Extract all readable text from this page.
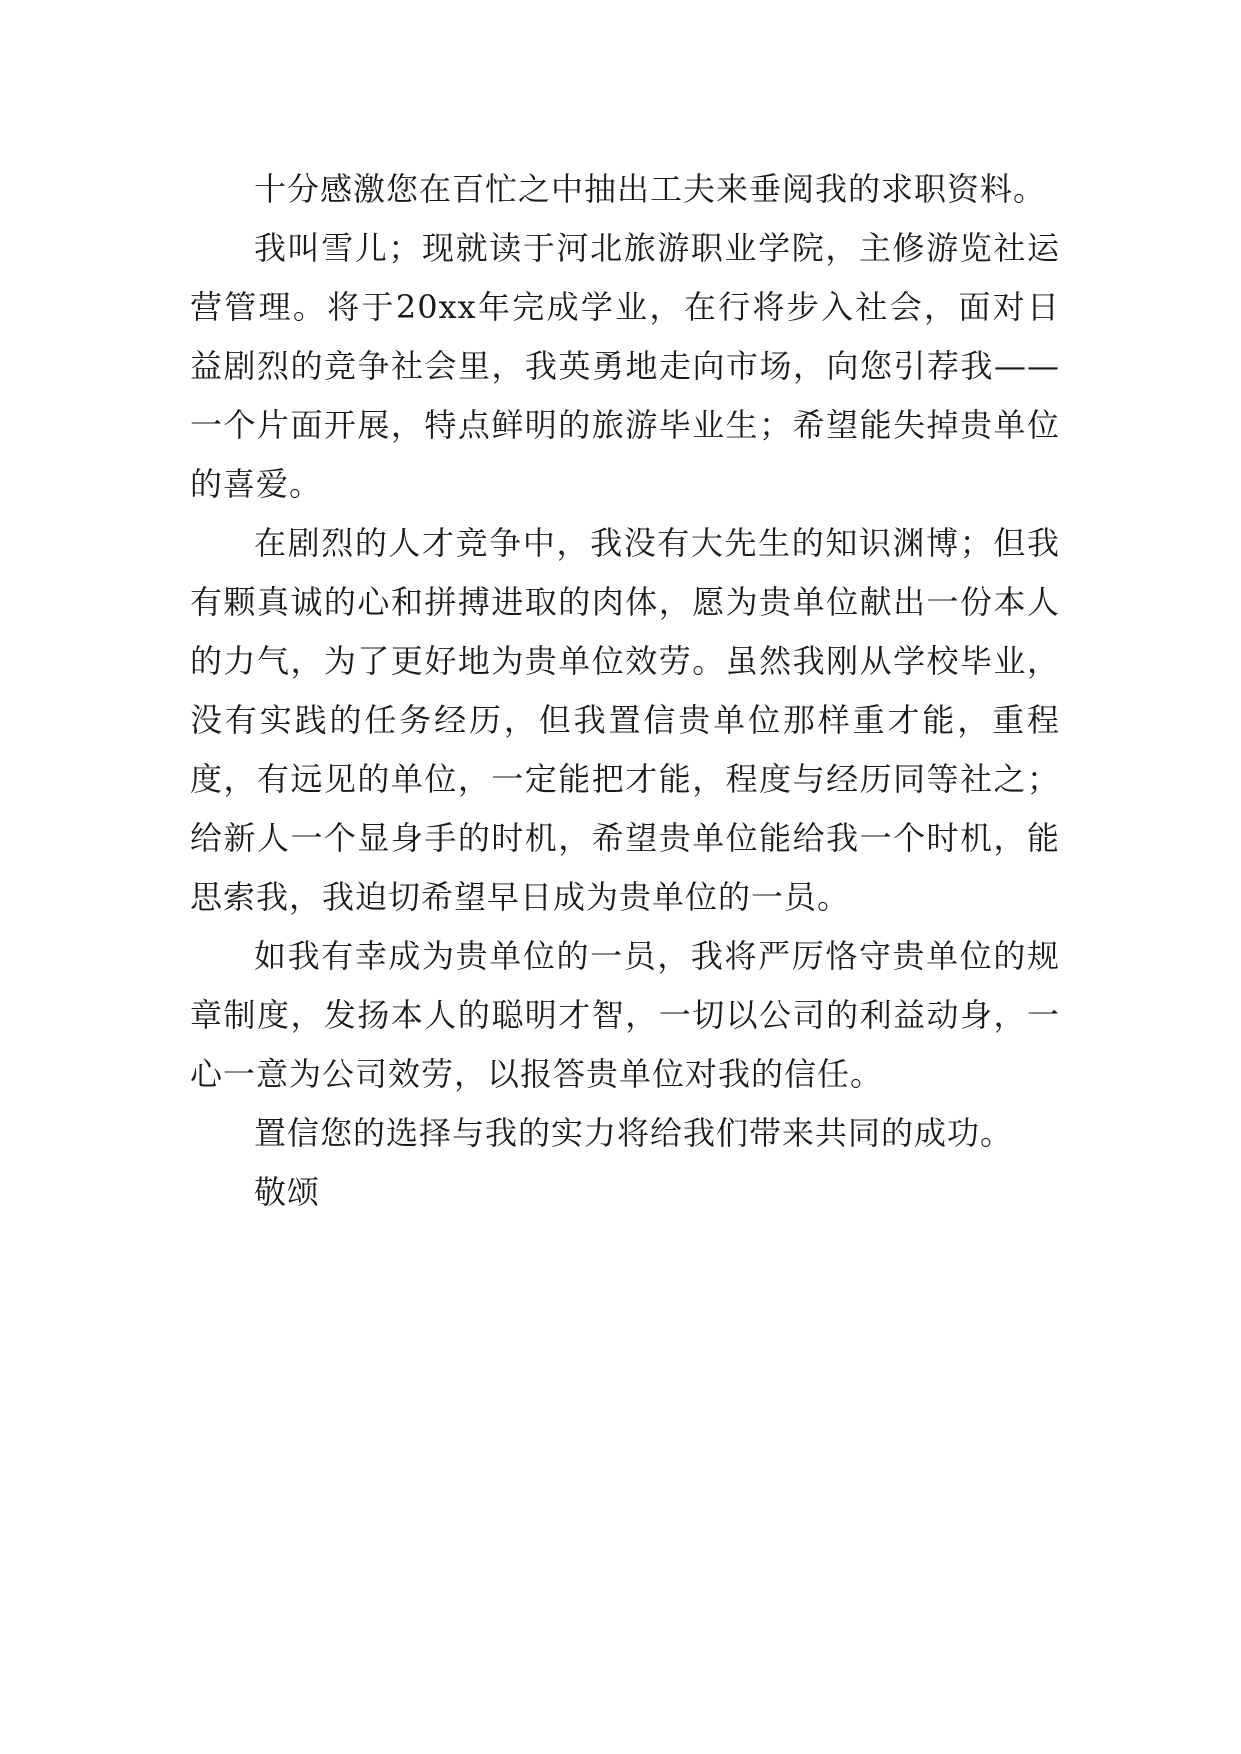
十分感激您在百忙之中抽出工夫来垂阅我的求职资料。

我叫雪儿；现就读于河北旅游职业学院，主修游览社运营管理。将于20xx年完成学业，在行将步入社会，面对日益剧烈的竞争社会里，我英勇地走向市场，向您引荐我——一个片面开展，特点鲜明的旅游毕业生；希望能失掉贵单位的喜爱。

在剧烈的人才竞争中，我没有大先生的知识渊博；但我有颗真诚的心和拼搏进取的肉体，愿为贵单位献出一份本人的力气，为了更好地为贵单位效劳。虽然我刚从学校毕业，没有实践的任务经历，但我置信贵单位那样重才能，重程度，有远见的单位，一定能把才能，程度与经历同等社之；给新人一个显身手的时机，希望贵单位能给我一个时机，能思索我，我迫切希望早日成为贵单位的一员。

如我有幸成为贵单位的一员，我将严厉恪守贵单位的规章制度，发扬本人的聪明才智，一切以公司的利益动身，一心一意为公司效劳，以报答贵单位对我的信任。

置信您的选择与我的实力将给我们带来共同的成功。

敬颂
